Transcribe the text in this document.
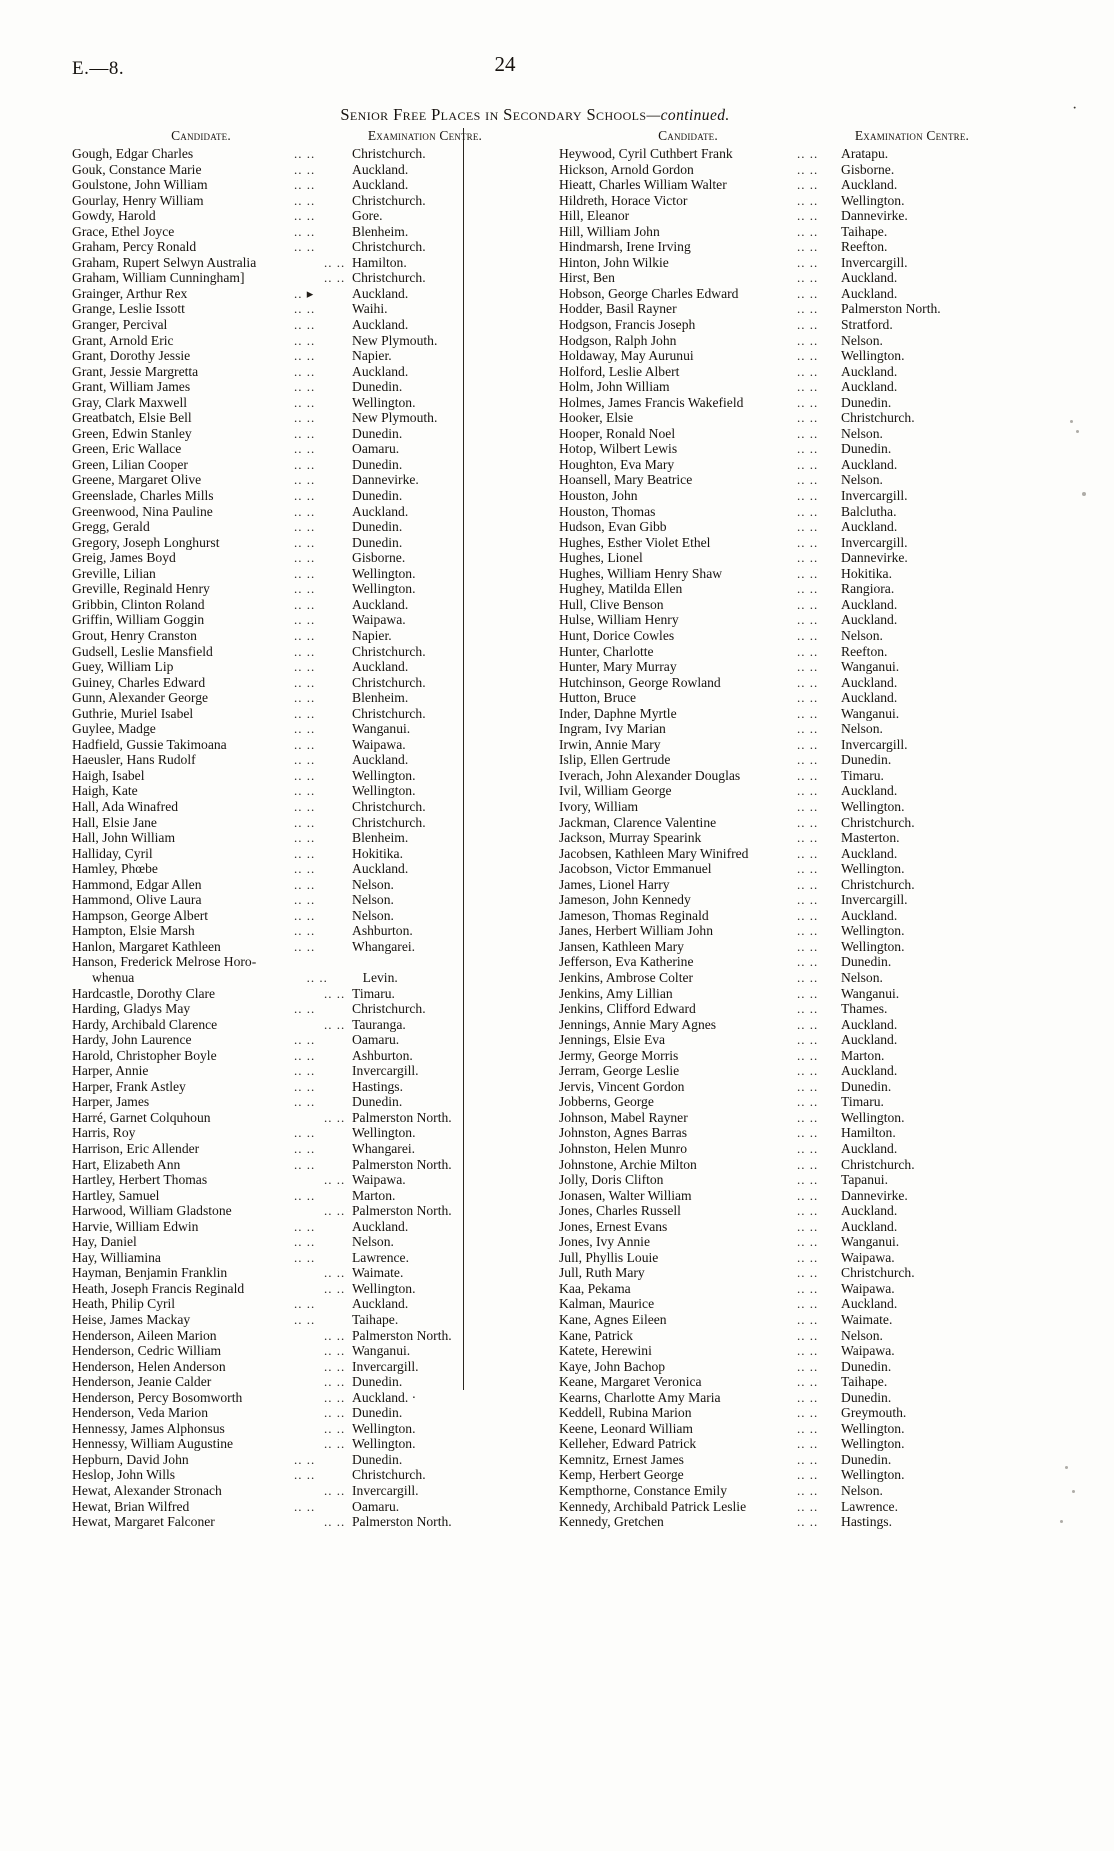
E.—8.	24
Senior Free Places in Secondary Schools—continued.
Candidate.	Examination Centre.
Gough, Edgar Charles	.. ..	Christchurch.
Gouk, Constance Marie	.. ..	Auckland.
Goulstone, John William	.. ..	Auckland.
Gourlay, Henry William	.. ..	Christchurch.
Gowdy, Harold	.. ..	Gore.
Grace, Ethel Joyce	.. ..	Blenheim.
Graham, Percy Ronald	.. ..	Christchurch.
Graham, Rupert Selwyn Australia	.. .. Hamilton.
Graham, William Cunningham]	.. .. Christchurch.
Grainger, Arthur Rex	.. ▸	Auckland.
Grange, Leslie Issott	.. ..	Waihi.
Granger, Percival	.. ..	Auckland.
Grant, Arnold Eric	.. ..	New Plymouth.
Grant, Dorothy Jessie	.. ..	Napier.
Grant, Jessie Margretta	.. ..	Auckland.
Grant, William James	.. ..	Dunedin.
Gray, Clark Maxwell	.. ..	Wellington.
Greatbatch, Elsie Bell	.. ..	New Plymouth.
Green, Edwin Stanley	.. ..	Dunedin.
Green, Eric Wallace	.. ..	Oamaru.
Green, Lilian Cooper	.. ..	Dunedin.
Greene, Margaret Olive	.. ..	Dannevirke.
Greenslade, Charles Mills	.. ..	Dunedin.
Greenwood, Nina Pauline	.. ..	Auckland.
Gregg, Gerald	.. ..	Dunedin.
Gregory, Joseph Longhurst	.. ..	Dunedin.
Greig, James Boyd	.. ..	Gisborne.
Greville, Lilian	.. ..	Wellington.
Greville, Reginald Henry	.. ..	Wellington.
Gribbin, Clinton Roland	.. ..	Auckland.
Griffin, William Goggin	.. ..	Waipawa.
Grout, Henry Cranston	.. ..	Napier.
Gudsell, Leslie Mansfield	.. ..	Christchurch.
Guey, William Lip	.. ..	Auckland.
Guiney, Charles Edward	.. ..	Christchurch.
Gunn, Alexander George	.. ..	Blenheim.
Guthrie, Muriel Isabel	.. ..	Christchurch.
Guylee, Madge	.. ..	Wanganui.
Hadfield, Gussie Takimoana	.. ..	Waipawa.
Haeusler, Hans Rudolf	.. ..	Auckland.
Haigh, Isabel	.. ..	Wellington.
Haigh, Kate	.. ..	Wellington.
Hall, Ada Winafred	.. ..	Christchurch.
Hall, Elsie Jane	.. ..	Christchurch.
Hall, John William	.. ..	Blenheim.
Halliday, Cyril	.. ..	Hokitika.
Hamley, Phœbe	.. ..	Auckland.
Hammond, Edgar Allen	.. ..	Nelson.
Hammond, Olive Laura	.. ..	Nelson.
Hampson, George Albert	.. ..	Nelson.
Hampton, Elsie Marsh	.. ..	Ashburton.
Hanlon, Margaret Kathleen	.. ..	Whangarei.
Hanson, Frederick Melrose Horo-
whenua	.. ..	Levin.
Hardcastle, Dorothy Clare	.. .. Timaru.
Harding, Gladys May	.. ..	Christchurch.
Hardy, Archibald Clarence	.. .. Tauranga.
Hardy, John Laurence	.. ..	Oamaru.
Harold, Christopher Boyle	.. ..	Ashburton.
Harper, Annie	.. ..	Invercargill.
Harper, Frank Astley	.. ..	Hastings.
Harper, James	.. ..	Dunedin.
Harré, Garnet Colquhoun	.. .. Palmerston North.
Harris, Roy	.. ..	Wellington.
Harrison, Eric Allender	.. ..	Whangarei.
Hart, Elizabeth Ann	.. ..	Palmerston North.
Hartley, Herbert Thomas	.. .. Waipawa.
Hartley, Samuel	.. ..	Marton.
Harwood, William Gladstone	.. .. Palmerston North.
Harvie, William Edwin	.. ..	Auckland.
Hay, Daniel	.. ..	Nelson.
Hay, Williamina	.. ..	Lawrence.
Hayman, Benjamin Franklin	.. .. Waimate.
Heath, Joseph Francis Reginald	.. .. Wellington.
Heath, Philip Cyril	.. ..	Auckland.
Heise, James Mackay	.. ..	Taihape.
Henderson, Aileen Marion	.. .. Palmerston North.
Henderson, Cedric William	.. .. Wanganui.
Henderson, Helen Anderson	.. .. Invercargill.
Henderson, Jeanie Calder	.. .. Dunedin.
Henderson, Percy Bosomworth	.. .. Auckland. ·
Henderson, Veda Marion	.. .. Dunedin.
Hennessy, James Alphonsus	.. .. Wellington.
Hennessy, William Augustine	.. .. Wellington.
Hepburn, David John	.. ..	Dunedin.
Heslop, John Wills	.. ..	Christchurch.
Hewat, Alexander Stronach	.. .. Invercargill.
Hewat, Brian Wilfred	.. ..	Oamaru.
Hewat, Margaret Falconer	.. .. Palmerston North.
Candidate.	Examination Centre.
Heywood, Cyril Cuthbert Frank	.. ..	Aratapu.
Hickson, Arnold Gordon	.. ..	Gisborne.
Hieatt, Charles William Walter	.. ..	Auckland.
Hildreth, Horace Victor	.. ..	Wellington.
Hill, Eleanor	.. ..	Dannevirke.
Hill, William John	.. ..	Taihape.
Hindmarsh, Irene Irving	.. ..	Reefton.
Hinton, John Wilkie	.. ..	Invercargill.
Hirst, Ben	.. ..	Auckland.
Hobson, George Charles Edward	.. ..	Auckland.
Hodder, Basil Rayner	.. ..	Palmerston North.
Hodgson, Francis Joseph	.. ..	Stratford.
Hodgson, Ralph John	.. ..	Nelson.
Holdaway, May Aurunui	.. ..	Wellington.
Holford, Leslie Albert	.. ..	Auckland.
Holm, John William	.. ..	Auckland.
Holmes, James Francis Wakefield	.. ..	Dunedin.
Hooker, Elsie	.. ..	Christchurch.
Hooper, Ronald Noel	.. ..	Nelson.
Hotop, Wilbert Lewis	.. ..	Dunedin.
Houghton, Eva Mary	.. ..	Auckland.
Hoansell, Mary Beatrice	.. ..	Nelson.
Houston, John	.. ..	Invercargill.
Houston, Thomas	.. ..	Balclutha.
Hudson, Evan Gibb	.. ..	Auckland.
Hughes, Esther Violet Ethel	.. ..	Invercargill.
Hughes, Lionel	.. ..	Dannevirke.
Hughes, William Henry Shaw	.. ..	Hokitika.
Hughey, Matilda Ellen	.. ..	Rangiora.
Hull, Clive Benson	.. ..	Auckland.
Hulse, William Henry	.. ..	Auckland.
Hunt, Dorice Cowles	.. ..	Nelson.
Hunter, Charlotte	.. ..	Reefton.
Hunter, Mary Murray	.. ..	Wanganui.
Hutchinson, George Rowland	.. ..	Auckland.
Hutton, Bruce	.. ..	Auckland.
Inder, Daphne Myrtle	.. ..	Wanganui.
Ingram, Ivy Marian	.. ..	Nelson.
Irwin, Annie Mary	.. ..	Invercargill.
Islip, Ellen Gertrude	.. ..	Dunedin.
Iverach, John Alexander Douglas	.. ..	Timaru.
Ivil, William George	.. ..	Auckland.
Ivory, William	.. ..	Wellington.
Jackman, Clarence Valentine	.. ..	Christchurch.
Jackson, Murray Spearink	.. ..	Masterton.
Jacobsen, Kathleen Mary Winifred	.. ..	Auckland.
Jacobson, Victor Emmanuel	.. ..	Wellington.
James, Lionel Harry	.. ..	Christchurch.
Jameson, John Kennedy	.. ..	Invercargill.
Jameson, Thomas Reginald	.. ..	Auckland.
Janes, Herbert William John	.. ..	Wellington.
Jansen, Kathleen Mary	.. ..	Wellington.
Jefferson, Eva Katherine	.. ..	Dunedin.
Jenkins, Ambrose Colter	.. ..	Nelson.
Jenkins, Amy Lillian	.. ..	Wanganui.
Jenkins, Clifford Edward	.. ..	Thames.
Jennings, Annie Mary Agnes	.. ..	Auckland.
Jennings, Elsie Eva	.. ..	Auckland.
Jermy, George Morris	.. ..	Marton.
Jerram, George Leslie	.. ..	Auckland.
Jervis, Vincent Gordon	.. ..	Dunedin.
Jobberns, George	.. ..	Timaru.
Johnson, Mabel Rayner	.. ..	Wellington.
Johnston, Agnes Barras	.. ..	Hamilton.
Johnston, Helen Munro	.. ..	Auckland.
Johnstone, Archie Milton	.. ..	Christchurch.
Jolly, Doris Clifton	.. ..	Tapanui.
Jonasen, Walter William	.. ..	Dannevirke.
Jones, Charles Russell	.. ..	Auckland.
Jones, Ernest Evans	.. ..	Auckland.
Jones, Ivy Annie	.. ..	Wanganui.
Jull, Phyllis Louie	.. ..	Waipawa.
Jull, Ruth Mary	.. ..	Christchurch.
Kaa, Pekama	.. ..	Waipawa.
Kalman, Maurice	.. ..	Auckland.
Kane, Agnes Eileen	.. ..	Waimate.
Kane, Patrick	.. ..	Nelson.
Katete, Herewini	.. ..	Waipawa.
Kaye, John Bachop	.. ..	Dunedin.
Keane, Margaret Veronica	.. ..	Taihape.
Kearns, Charlotte Amy Maria	.. ..	Dunedin.
Keddell, Rubina Marion	.. ..	Greymouth.
Keene, Leonard William	.. ..	Wellington.
Kelleher, Edward Patrick	.. ..	Wellington.
Kemnitz, Ernest James	.. ..	Dunedin.
Kemp, Herbert George	.. ..	Wellington.
Kempthorne, Constance Emily	.. ..	Nelson.
Kennedy, Archibald Patrick Leslie	.. ..	Lawrence.
Kennedy, Gretchen	.. ..	Hastings.
·
